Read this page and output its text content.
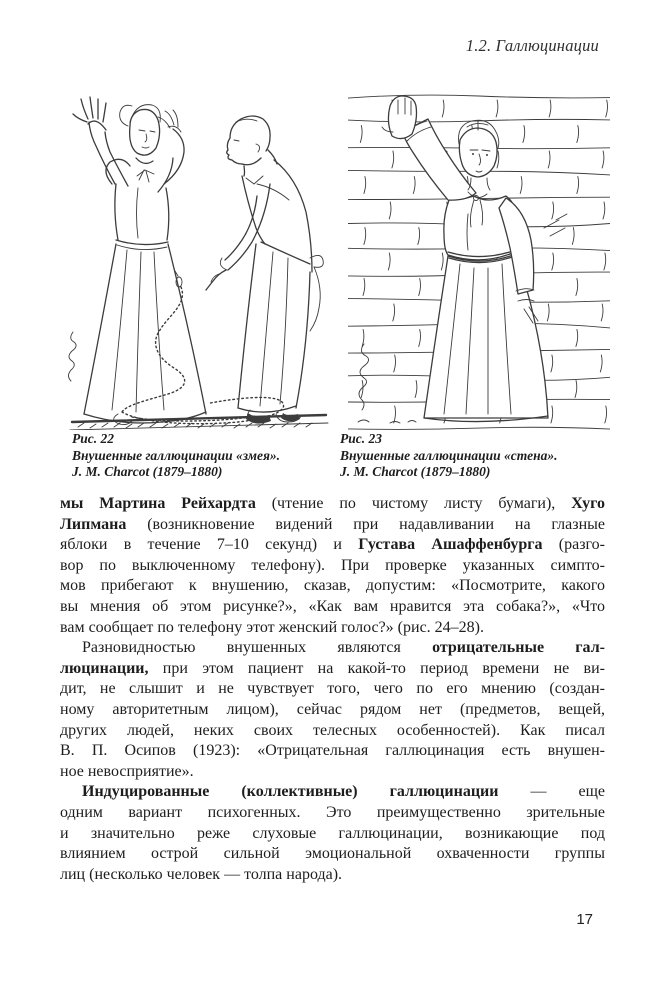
1.2. Галлюцинации
Рис. 22
Внушенные галлюцинации «змея».
J. M. Charcot (1879–1880)
Рис. 23
Внушенные галлюцинации «стена».
J. M. Charcot (1879–1880)
мы Мартина Рейхардта (чтение по чистому листу бумаги), Хуго
Липмана (возникновение видений при надавливании на глазные
яблоки в течение 7–10 секунд) и Густава Ашаффенбурга (разго-
вор по выключенному телефону). При проверке указанных симпто-
мов прибегают к внушению, сказав, допустим: «Посмотрите, какого
вы мнения об этом рисунке?», «Как вам нравится эта собака?», «Что
вам сообщает по телефону этот женский голос?» (рис. 24–28).
Разновидностью внушенных являются отрицательные гал-
люцинации, при этом пациент на какой-то период времени не ви-
дит, не слышит и не чувствует того, чего по его мнению (создан-
ному авторитетным лицом), сейчас рядом нет (предметов, вещей,
других людей, неких своих телесных особенностей). Как писал
В. П. Осипов (1923): «Отрицательная галлюцинация есть внушен-
ное невосприятие».
Индуцированные (коллективные) галлюцинации — еще
одним вариант психогенных. Это преимущественно зрительные
и значительно реже слуховые галлюцинации, возникающие под
влиянием острой сильной эмоциональной охваченности группы
лиц (несколько человек — толпа народа).
17
